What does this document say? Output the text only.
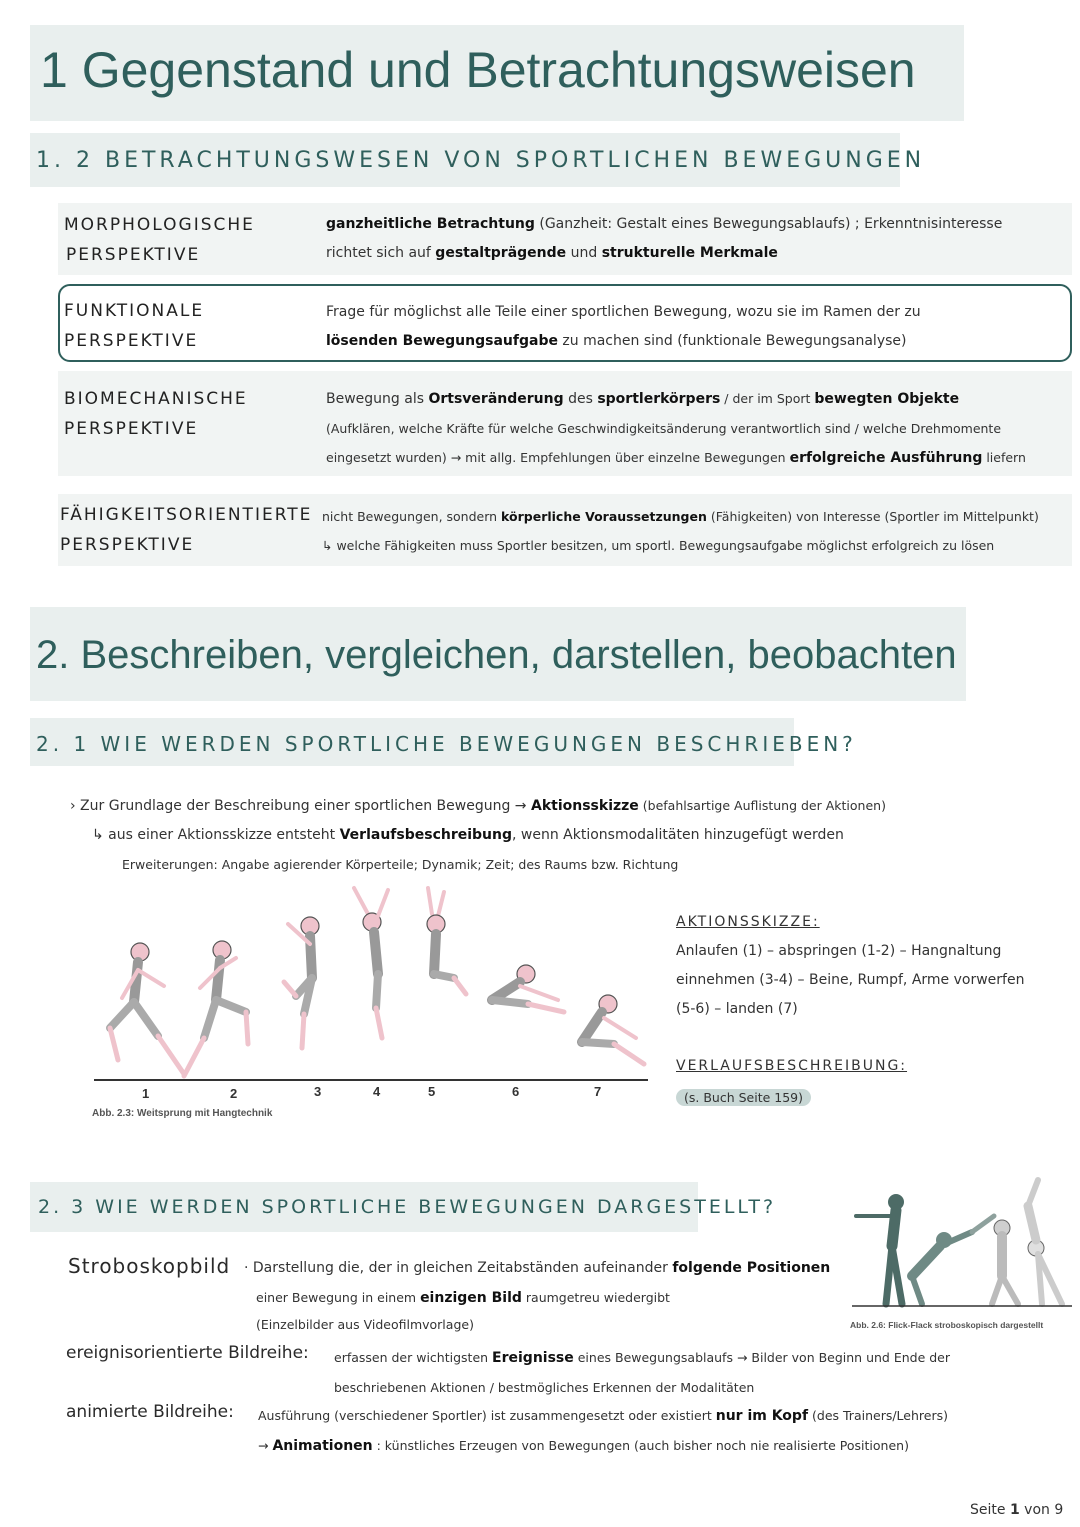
1 Gegenstand und Betrachtungsweisen
1. 2 BETRACHTUNGSWESEN VON SPORTLICHEN BEWEGUNGEN
MORPHOLOGISCHE
PERSPEKTIVE
ganzheitliche Betrachtung (Ganzheit: Gestalt eines Bewegungsablaufs) ; Erkenntnisinteresse
richtet sich auf gestaltprägende und strukturelle Merkmale
FUNKTIONALE
PERSPEKTIVE
Frage für möglichst alle Teile einer sportlichen Bewegung, wozu sie im Ramen der zu
lösenden Bewegungsaufgabe zu machen sind (funktionale Bewegungsanalyse)
BIOMECHANISCHE
PERSPEKTIVE
Bewegung als Ortsveränderung des sportlerkörpers / der im Sport bewegten Objekte
(Aufklären, welche Kräfte für welche Geschwindigkeitsänderung verantwortlich sind / welche Drehmomente
eingesetzt wurden) → mit allg. Empfehlungen über einzelne Bewegungen erfolgreiche Ausführung liefern
FÄHIGKEITSORIENTIERTE
PERSPEKTIVE
nicht Bewegungen, sondern körperliche Voraussetzungen (Fähigkeiten) von Interesse (Sportler im Mittelpunkt)
↳ welche Fähigkeiten muss Sportler besitzen, um sportl. Bewegungsaufgabe möglichst erfolgreich zu lösen
2. Beschreiben, vergleichen, darstellen, beobachten
2. 1 WIE WERDEN SPORTLICHE BEWEGUNGEN BESCHRIEBEN?
› Zur Grundlage der Beschreibung einer sportlichen Bewegung → Aktionsskizze (befahlsartige Auflistung der Aktionen)
↳ aus einer Aktionsskizze entsteht Verlaufsbeschreibung, wenn Aktionsmodalitäten hinzugefügt werden
Erweiterungen: Angabe agierender Körperteile; Dynamik; Zeit; des Raums bzw. Richtung
1	2	3	4	5	6	7
Abb. 2.3: Weitsprung mit Hangtechnik
AKTIONSSKIZZE:
Anlaufen (1) – abspringen (1-2) – Hangnaltung
einnehmen (3-4) – Beine, Rumpf, Arme vorwerfen
(5-6) – landen (7)
VERLAUFSBESCHREIBUNG:
(s. Buch Seite 159)
2. 3 WIE WERDEN SPORTLICHE BEWEGUNGEN DARGESTELLT?
Abb. 2.6: Flick-Flack stroboskopisch dargestellt
Stroboskopbild · Darstellung die, der in gleichen Zeitabständen aufeinander folgende Positionen
einer Bewegung in einem einzigen Bild raumgetreu wiedergibt
(Einzelbilder aus Videofilmvorlage)
ereignisorientierte Bildreihe: erfassen der wichtigsten Ereignisse eines Bewegungsablaufs → Bilder von Beginn und Ende der
beschriebenen Aktionen / bestmögliches Erkennen der Modalitäten
animierte Bildreihe: Ausführung (verschiedener Sportler) ist zusammengesetzt oder existiert nur im Kopf (des Trainers/Lehrers)
→ Animationen : künstliches Erzeugen von Bewegungen (auch bisher noch nie realisierte Positionen)
Seite 1 von 9
